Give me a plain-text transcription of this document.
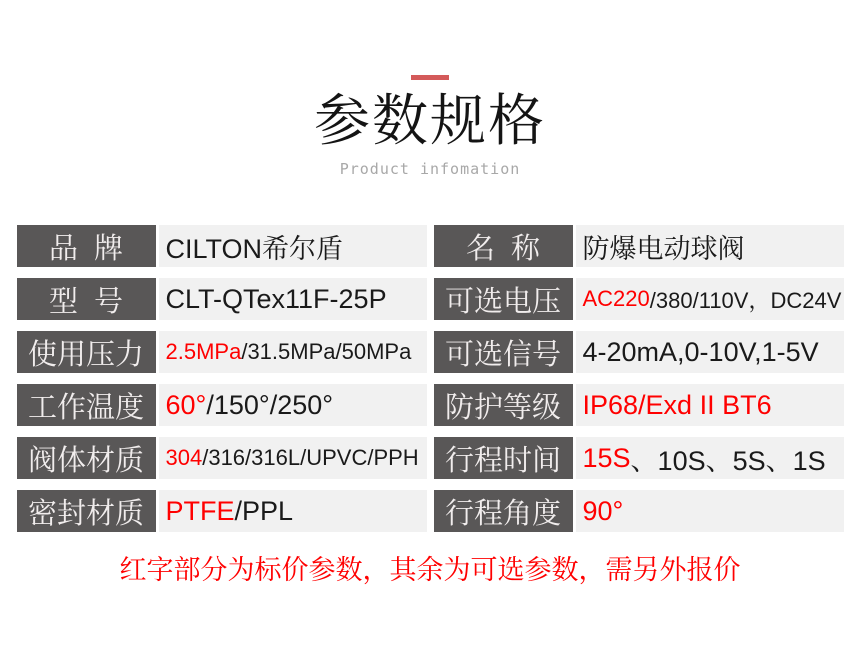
参数规格
Product infomation
品牌 CILTON希尔盾
型号 CLT-QTex11F-25P
使用压力 2.5MPa /31.5MPa/50MPa
工作温度 60° /150°/250°
阀体材质 304 /316/316L/UPVC/PPH
密封材质 PTFE /PPL
名称 防爆电动球阀
可选电压 AC220 /380/110V，DC24V
可选信号 4-20mA,0-10V,1-5V
防护等级 IP68/Exd II BT6
行程时间 15S 、10S、5S、1S
行程角度 90°
红字部分为标价参数，其余为可选参数，需另外报价
